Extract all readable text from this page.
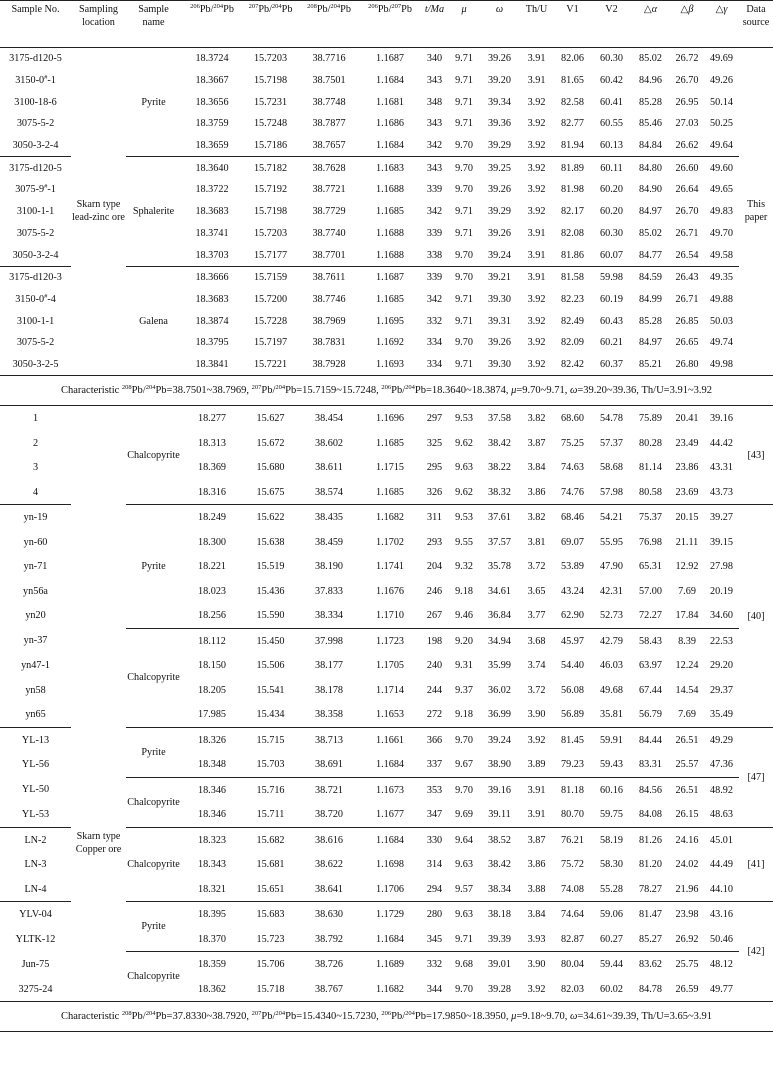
Sample No.	Sampling location	Sample name	$^{206}$Pb/$^{204}$Pb	$^{207}$Pb/$^{204}$Pb	$^{208}$Pb/$^{204}$Pb	$^{206}$Pb/$^{207}$Pb	t/Ma	μ	ω	Th/U	V1	V2	△α	△β	△γ	Data source
3175-d120-5	Skarn type lead-zinc ore	Pyrite	18.3724	15.7203	38.7716	1.1687	340	9.71	39.26	3.91	82.06	60.30	85.02	26.72	49.69	This paper
3150-0#-1			18.3667	15.7198	38.7501	1.1684	343	9.71	39.20	3.91	81.65	60.42	84.96	26.70	49.26	
3100-18-6			18.3656	15.7231	38.7748	1.1681	348	9.71	39.34	3.92	82.58	60.41	85.28	26.95	50.14	
3075-5-2			18.3759	15.7248	38.7877	1.1686	343	9.71	39.36	3.92	82.77	60.55	85.46	27.03	50.25	
3050-3-2-4			18.3659	15.7186	38.7657	1.1684	342	9.70	39.29	3.92	81.94	60.13	84.84	26.62	49.64	
3175-d120-5		Sphalerite	18.3640	15.7182	38.7628	1.1683	343	9.70	39.25	3.92	81.89	60.11	84.80	26.60	49.60	
3075-9#-1			18.3722	15.7192	38.7721	1.1688	339	9.70	39.26	3.92	81.98	60.20	84.90	26.64	49.65	
3100-1-1			18.3683	15.7198	38.7729	1.1685	342	9.71	39.29	3.92	82.17	60.20	84.97	26.70	49.83	
3075-5-2			18.3741	15.7203	38.7740	1.1688	339	9.71	39.26	3.91	82.08	60.30	85.02	26.71	49.70	
3050-3-2-4			18.3703	15.7177	38.7701	1.1688	338	9.70	39.24	3.91	81.86	60.07	84.77	26.54	49.58	
3175-d120-3		Galena	18.3666	15.7159	38.7611	1.1687	339	9.70	39.21	3.91	81.58	59.98	84.59	26.43	49.35	
3150-0#-4			18.3683	15.7200	38.7746	1.1685	342	9.71	39.30	3.92	82.23	60.19	84.99	26.71	49.88	
3100-1-1			18.3874	15.7228	38.7969	1.1695	332	9.71	39.31	3.92	82.49	60.43	85.28	26.85	50.03	
3075-5-2			18.3795	15.7197	38.7831	1.1692	334	9.70	39.26	3.92	82.09	60.21	84.97	26.65	49.74	
3050-3-2-5			18.3841	15.7221	38.7928	1.1693	334	9.71	39.30	3.92	82.42	60.37	85.21	26.80	49.98	
Characteristic $^{208}$Pb/$^{204}$Pb=38.7501~38.7969, $^{207}$Pb/$^{204}$Pb=15.7159~15.7248, $^{206}$Pb/$^{204}$Pb=18.3640~18.3874, μ=9.70~9.71, ω=39.20~39.36, Th/U=3.91~3.92																
1	Skarn type Copper ore	Chalcopyrite	18.277	15.627	38.454	1.1696	297	9.53	37.58	3.82	68.60	54.78	75.89	20.41	39.16	[43]
2			18.313	15.672	38.602	1.1685	325	9.62	38.42	3.87	75.25	57.37	80.28	23.49	44.42	
3			18.369	15.680	38.611	1.1715	295	9.63	38.22	3.84	74.63	58.68	81.14	23.86	43.31	
4			18.316	15.675	38.574	1.1685	326	9.62	38.32	3.86	74.76	57.98	80.58	23.69	43.73	
yn-19		Pyrite	18.249	15.622	38.435	1.1682	311	9.53	37.61	3.82	68.46	54.21	75.37	20.15	39.27	[40]
yn-60			18.300	15.638	38.459	1.1702	293	9.55	37.57	3.81	69.07	55.95	76.98	21.11	39.15	
yn-71			18.221	15.519	38.190	1.1741	204	9.32	35.78	3.72	53.89	47.90	65.31	12.92	27.98	
yn56a			18.023	15.436	37.833	1.1676	246	9.18	34.61	3.65	43.24	42.31	57.00	7.69	20.19	
yn20			18.256	15.590	38.334	1.1710	267	9.46	36.84	3.77	62.90	52.73	72.27	17.84	34.60	
yn-37		Chalcopyrite	18.112	15.450	37.998	1.1723	198	9.20	34.94	3.68	45.97	42.79	58.43	8.39	22.53	
yn47-1			18.150	15.506	38.177	1.1705	240	9.31	35.99	3.74	54.40	46.03	63.97	12.24	29.20	
yn58			18.205	15.541	38.178	1.1714	244	9.37	36.02	3.72	56.08	49.68	67.44	14.54	29.37	
yn65			17.985	15.434	38.358	1.1653	272	9.18	36.99	3.90	56.89	35.81	56.79	7.69	35.49	
YL-13		Pyrite	18.326	15.715	38.713	1.1661	366	9.70	39.24	3.92	81.45	59.91	84.44	26.51	49.29	[47]
YL-56			18.348	15.703	38.691	1.1684	337	9.67	38.90	3.89	79.23	59.43	83.31	25.57	47.36	
YL-50		Chalcopyrite	18.346	15.716	38.721	1.1673	353	9.70	39.16	3.91	81.18	60.16	84.56	26.51	48.92	
YL-53			18.346	15.711	38.720	1.1677	347	9.69	39.11	3.91	80.70	59.75	84.08	26.15	48.63	
LN-2		Chalcopyrite	18.323	15.682	38.616	1.1684	330	9.64	38.52	3.87	76.21	58.19	81.26	24.16	45.01	[41]
LN-3			18.343	15.681	38.622	1.1698	314	9.63	38.42	3.86	75.72	58.30	81.20	24.02	44.49	
LN-4			18.321	15.651	38.641	1.1706	294	9.57	38.34	3.88	74.08	55.28	78.27	21.96	44.10	
YLV-04		Pyrite	18.395	15.683	38.630	1.1729	280	9.63	38.18	3.84	74.64	59.06	81.47	23.98	43.16	[42]
YLTK-12			18.370	15.723	38.792	1.1684	345	9.71	39.39	3.93	82.87	60.27	85.27	26.92	50.46	
Jun-75		Chalcopyrite	18.359	15.706	38.726	1.1689	332	9.68	39.01	3.90	80.04	59.44	83.62	25.75	48.12	
3275-24			18.362	15.718	38.767	1.1682	344	9.70	39.28	3.92	82.03	60.02	84.78	26.59	49.77	
Characteristic $^{208}$Pb/$^{204}$Pb=37.8330~38.7920, $^{207}$Pb/$^{204}$Pb=15.4340~15.7230, $^{206}$Pb/$^{204}$Pb=17.9850~18.3950, μ=9.18~9.70, ω=34.61~39.39, Th/U=3.65~3.91																
